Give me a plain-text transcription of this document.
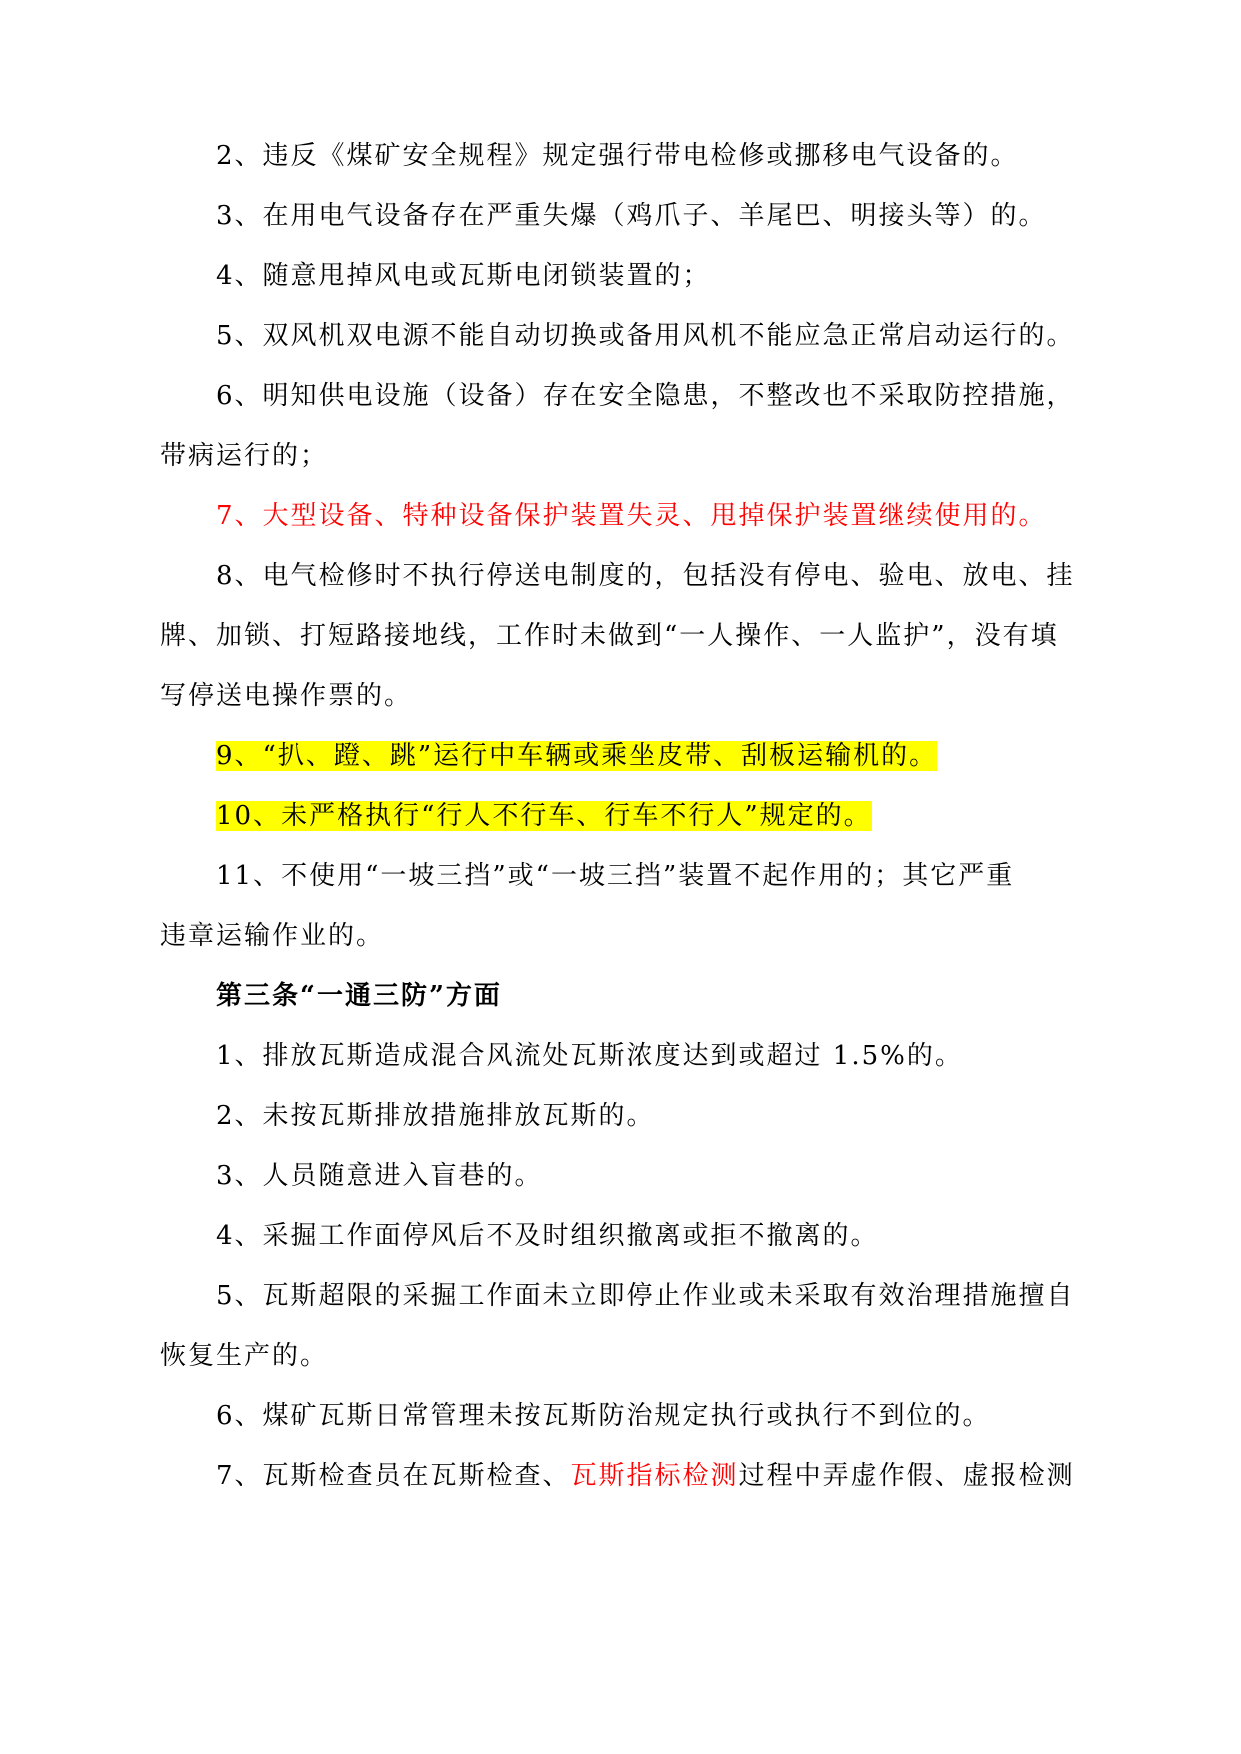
2、违反《煤矿安全规程》规定强行带电检修或挪移电气设备的。
3、在用电气设备存在严重失爆（鸡爪子、羊尾巴、明接头等）的。
4、随意甩掉风电或瓦斯电闭锁装置的；
5、双风机双电源不能自动切换或备用风机不能应急正常启动运行的。
6、明知供电设施（设备）存在安全隐患，不整改也不采取防控措施，
带病运行的；
7、大型设备、特种设备保护装置失灵、甩掉保护装置继续使用的。
8、电气检修时不执行停送电制度的，包括没有停电、验电、放电、挂
牌、加锁、打短路接地线，工作时未做到“一人操作、一人监护”，没有填
写停送电操作票的。
9、“扒、蹬、跳”运行中车辆或乘坐皮带、刮板运输机的。
10、未严格执行“行人不行车、行车不行人”规定的。
11、不使用“一坡三挡”或“一坡三挡”装置不起作用的；其它严重
违章运输作业的。
第三条“一通三防”方面
1、排放瓦斯造成混合风流处瓦斯浓度达到或超过 1.5%的。
2、未按瓦斯排放措施排放瓦斯的。
3、人员随意进入盲巷的。
4、采掘工作面停风后不及时组织撤离或拒不撤离的。
5、瓦斯超限的采掘工作面未立即停止作业或未采取有效治理措施擅自
恢复生产的。
6、煤矿瓦斯日常管理未按瓦斯防治规定执行或执行不到位的。
7、瓦斯检查员在瓦斯检查、瓦斯指标检测过程中弄虚作假、虚报检测
